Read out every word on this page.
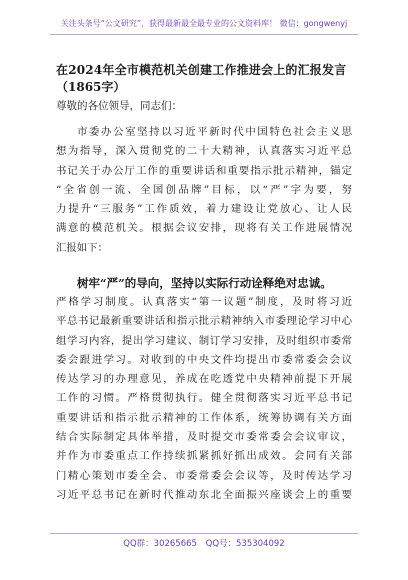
关注头条号“公文研究”，获得最新最全最专业的公文资料库！ 微信：gongwenyj
在2024年全市模范机关创建工作推进会上的汇报发言
（1865字）
尊敬的各位领导，同志们：
市委办公室坚持以习近平新时代中国特色社会主义思
想为指导，深入贯彻党的二十大精神，认真落实习近平总
书记关于办公厅工作的重要讲话和重要指示批示精神，锚定
“全省创一流、全国创品牌”目标，以“严”字为要，努
力提升“三服务”工作质效，着力建设让党放心、让人民
满意的模范机关。根据会议安排，现将有关工作进展情况
汇报如下：
树牢“严”的导向，坚持以实际行动诠释绝对忠诚。
严格学习制度。认真落实“第一议题”制度，及时将习近
平总书记最新重要讲话和指示批示精神纳入市委理论学习中心
组学习内容，提出学习建议、制订学习安排，及时组织市委常
委会跟进学习。对收到的中央文件均提出市委常委会会议
传达学习的办理意见，养成在吃透党中央精神前提下开展
工作的习惯。严格贯彻执行。健全贯彻落实习近平总书记
重要讲话和指示批示精神的工作体系，统筹协调有关方面
结合实际制定具体举措，及时提交市委常委会会议审议，
并作为市委重点工作持续抓紧抓好抓出成效。会同有关部
门精心策划市委全会、市委常委会会议等，及时传达学习
习近平总书记在新时代推动东北全面振兴座谈会上的重要
QQ群：30265665 QQ号：535304092
